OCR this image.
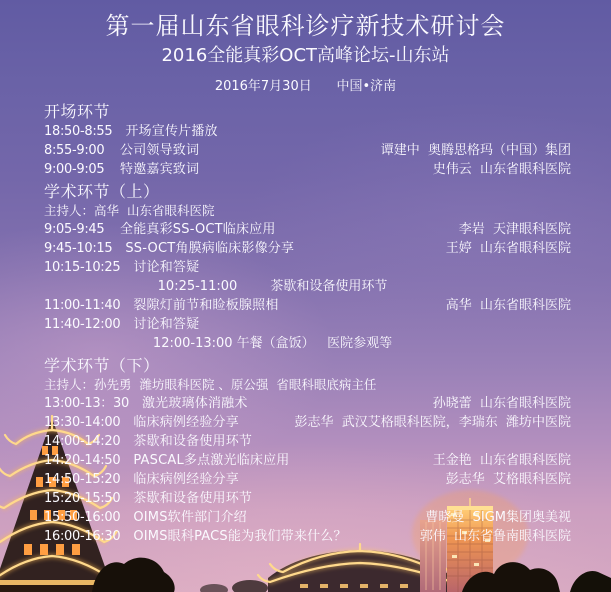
第一届山东省眼科诊疗新技术研讨会
2016全能真彩OCT高峰论坛-山东站
2016年7月30日      中国•济南
开场环节
18:50-8:55 开场宣传片播放
8:55-9:00 公司领导致词	谭建中  奥腾思格玛（中国）集团
9:00-9:05 特邀嘉宾致词	史伟云  山东省眼科医院
学术环节（上）
主持人：高华  山东省眼科医院
9:05-9:45 全能真彩SS-OCT临床应用	李岩  天津眼科医院
9:45-10:15 SS-OCT角膜病临床影像分享	王婷  山东省眼科医院
10:15-10:25 讨论和答疑
10:25-11:00        茶歇和设备使用环节
11:00-11:40 裂隙灯前节和睑板腺照相	高华  山东省眼科医院
11:40-12:00 讨论和答疑
12:00-13:00 午餐（盒饭）   医院参观等
学术环节（下）
主持人：孙先勇  潍坊眼科医院 、原公强  省眼科眼底病主任
13:00-13：30 激光玻璃体消融术	孙晓蕾  山东省眼科医院
13:30-14:00 临床病例经验分享	彭志华  武汉艾格眼科医院，李瑞东  潍坊中医院
14:00-14:20 茶歇和设备使用环节
14:20-14:50 PASCAL多点激光临床应用	王金艳  山东省眼科医院
14:50-15:20 临床病例经验分享	彭志华  艾格眼科医院
15:20-15:50 茶歇和设备使用环节
15:50-16:00 OIMS软件部门介绍	曹晓曼  SIGM集团奥美视
16:00-16:30 OIMS眼科PACS能为我们带来什么？	郭伟  山东省鲁南眼科医院
